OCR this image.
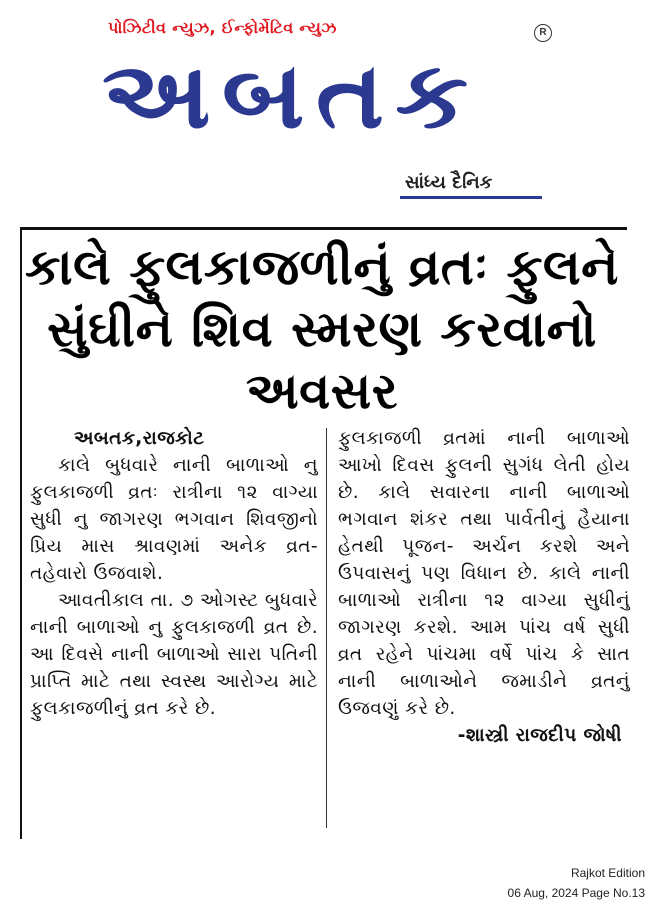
પોઝિટીવ ન્યુઝ, ઈન્ફોર્મેટિવ ન્યુઝ
અબતક
R
સાંધ્ય દૈનિક
કાલે ફુલકાજળીનું વ્રતઃ ફુલને સુંઘીને શિવ સ્મરણ કરવાનો અવસર
અબતક,રાજકોટ

કાલે બુધવારે નાની બાળાઓ નુ ફુલકાજળી વ્રતઃ રાત્રીના ૧૨ વાગ્યા સુધી નુ જાગરણ ભગવાન શિવજીનો પ્રિય માસ શ્રાવણમાં અનેક વ્રત-તહેવારો ઉજવાશે.

આવતીકાલ તા. ૭ ઓગસ્ટ બુધવારે નાની બાળાઓ નુ ફુલકાજળી વ્રત છે. આ દિવસે નાની બાળાઓ સારા પતિની પ્રાપ્તિ માટે તથા સ્વસ્થ આરોગ્ય માટે ફુલકાજળીનું વ્રત કરે છે.

ફુલકાજળી વ્રતમાં નાની બાળાઓ આખો દિવસ ફુલની સુગંધ લેતી હોય છે. કાલે સવારના નાની બાળાઓ ભગવાન શંકર તથા પાર્વતીનું હૈયાના હેતથી પૂજન- અર્ચન કરશે અને ઉપવાસનું પણ વિધાન છે. કાલે નાની બાળાઓ રાત્રીના ૧૨ વાગ્યા સુધીનું જાગરણ કરશે. આમ પાંચ વર્ષ સુધી વ્રત રહેને પાંચમા વર્ષે પાંચ કે સાત નાની બાળાઓને જમાડીને વ્રતનું ઉજવણું કરે છે.

-શાસ્ત્રી રાજદીપ જોષી
Rajkot Edition
06 Aug, 2024 Page No.13
